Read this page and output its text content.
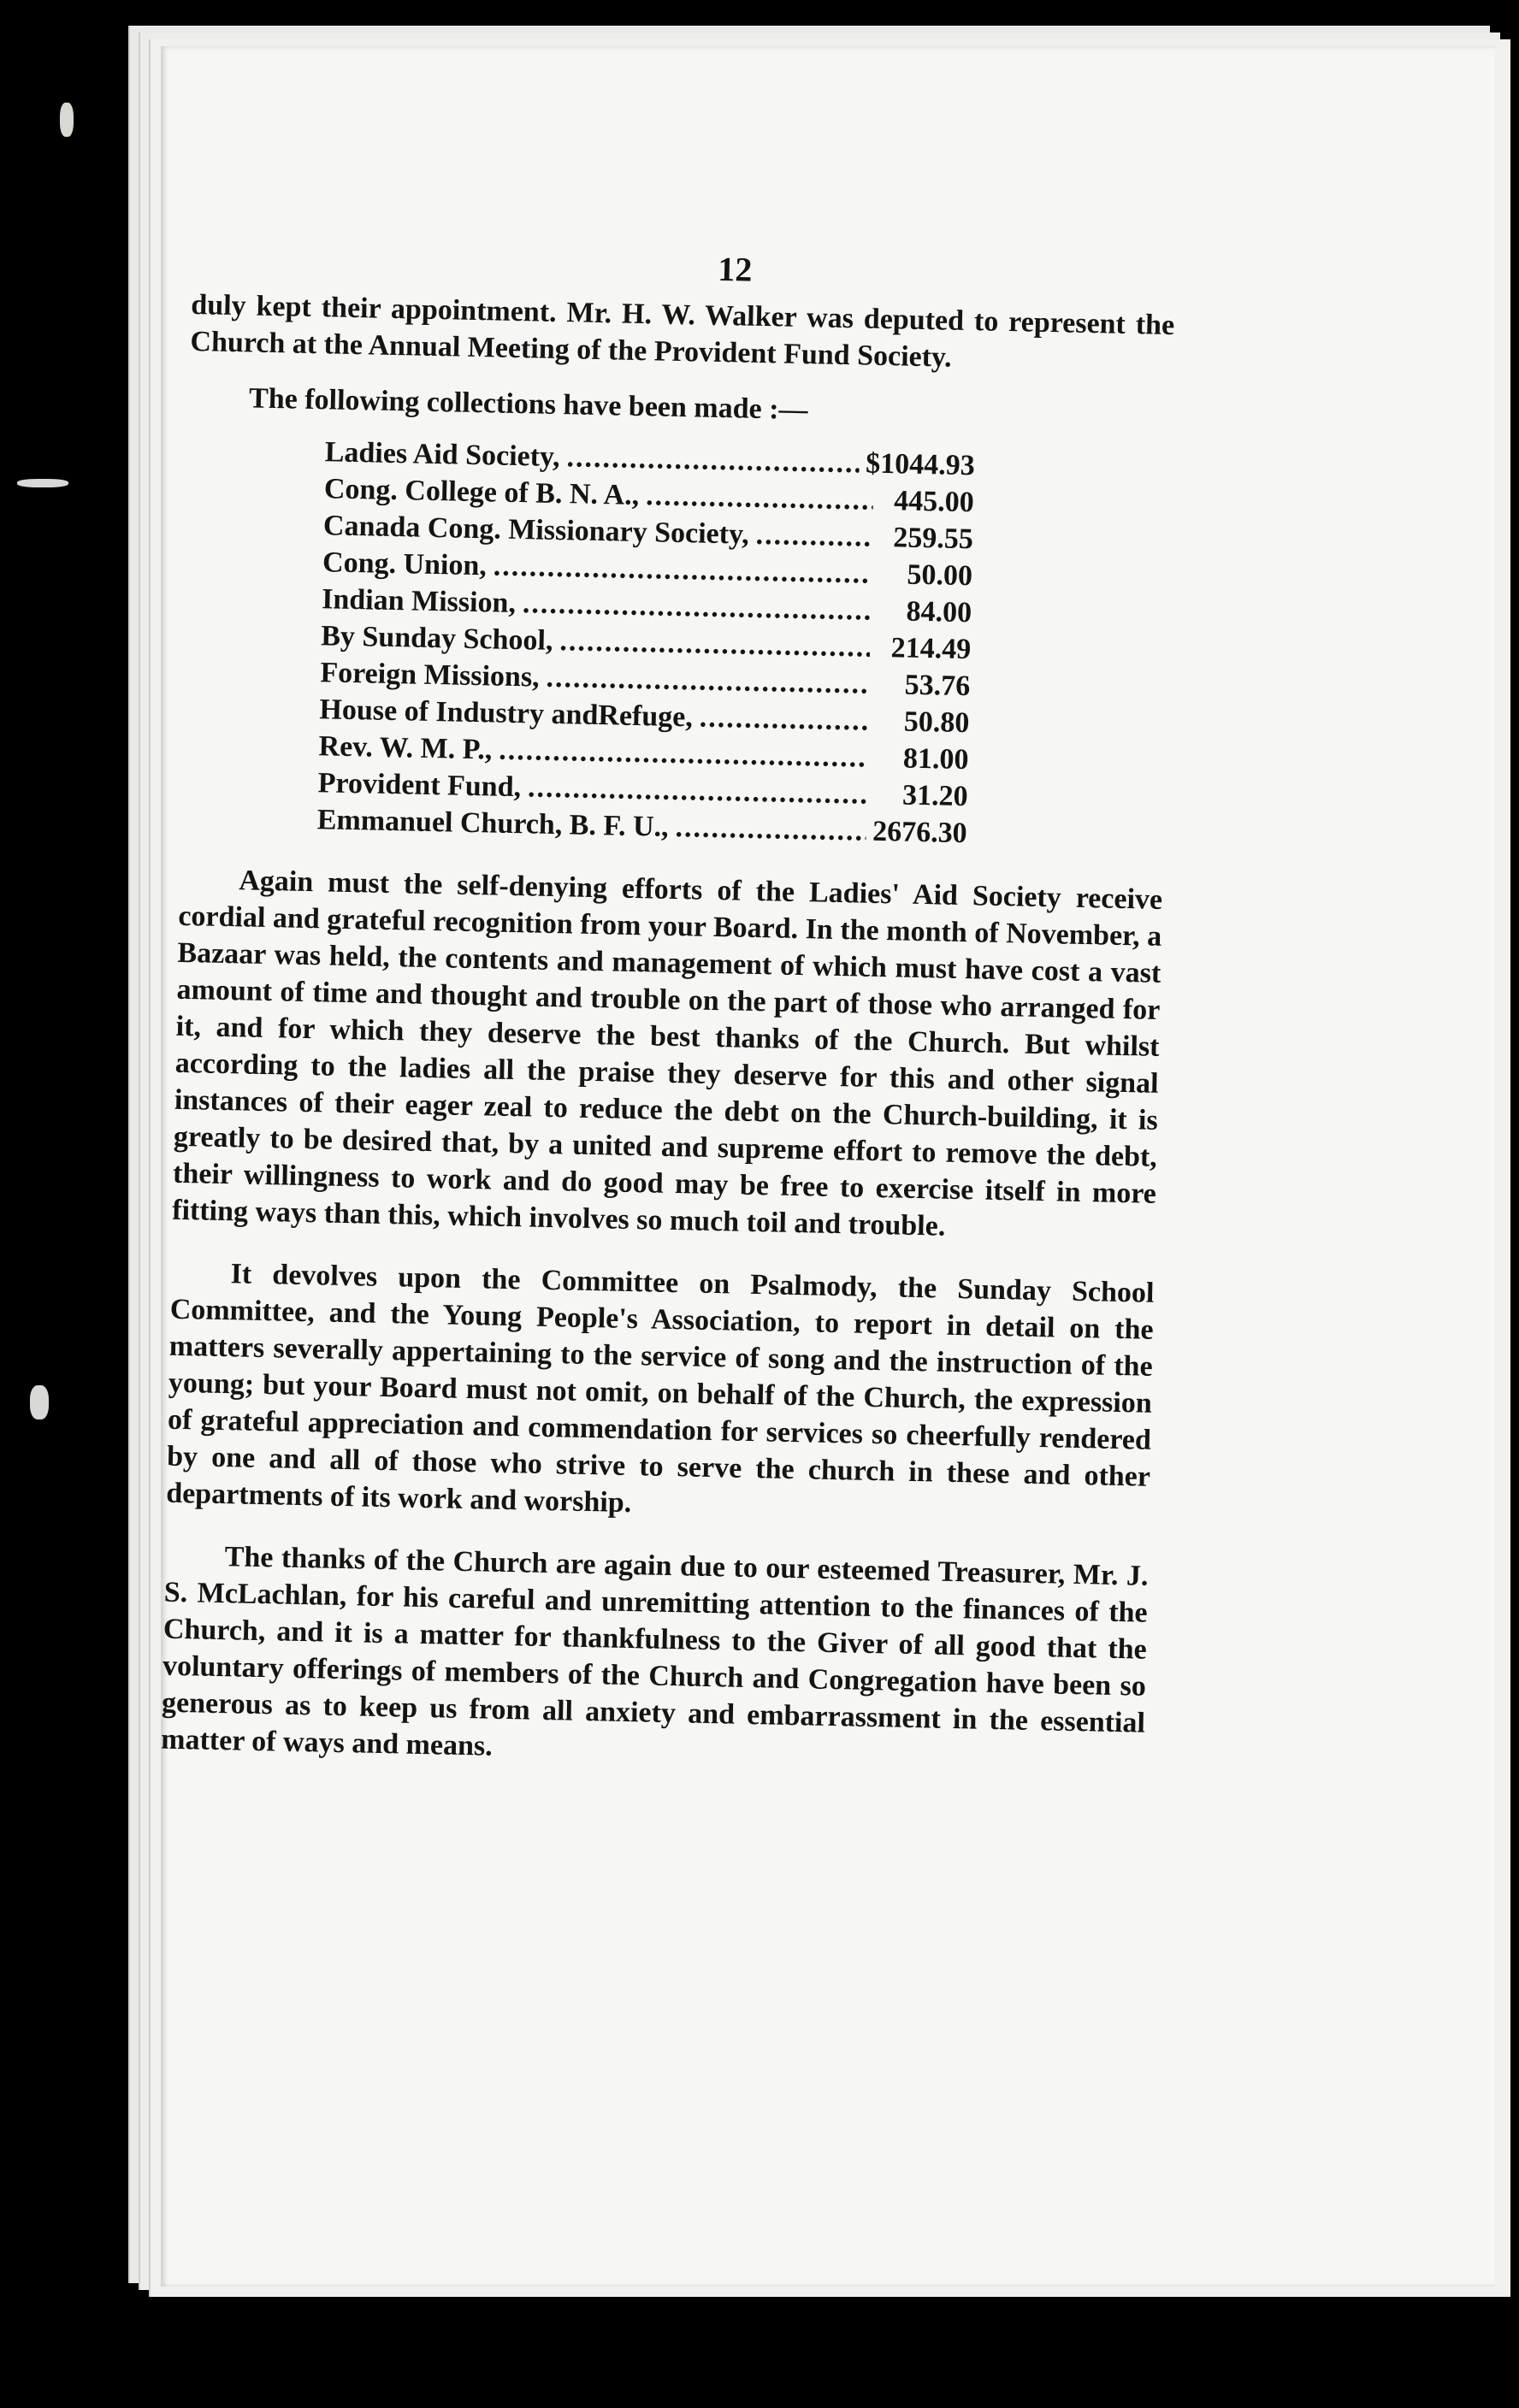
12

duly kept their appointment. Mr. H. W. Walker was deputed to represent the Church at the Annual Meeting of the Provident Fund Society.

The following collections have been made :—

Ladies Aid Society, .....	$1044.93
Cong. College of B. N. A., .....	445.00
Canada Cong. Missionary Society, .....	259.55
Cong. Union, .....	50.00
Indian Mission, .....	84.00
By Sunday School, .....	214.49
Foreign Missions, .....	53.76
House of Industry andRefuge, .....	50.80
Rev. W. M. P., .....	81.00
Provident Fund, .....	31.20
Emmanuel Church, B. F. U., .....	2676.30

Again must the self-denying efforts of the Ladies' Aid Society receive cordial and grateful recognition from your Board. In the month of November, a Bazaar was held, the contents and management of which must have cost a vast amount of time and thought and trouble on the part of those who arranged for it, and for which they deserve the best thanks of the Church. But whilst according to the ladies all the praise they deserve for this and other signal instances of their eager zeal to reduce the debt on the Church-building, it is greatly to be desired that, by a united and supreme effort to remove the debt, their willingness to work and do good may be free to exercise itself in more fitting ways than this, which involves so much toil and trouble.

It devolves upon the Committee on Psalmody, the Sunday School Committee, and the Young People's Association, to report in detail on the matters severally appertaining to the service of song and the instruction of the young; but your Board must not omit, on behalf of the Church, the expression of grateful appreciation and commendation for services so cheerfully rendered by one and all of those who strive to serve the church in these and other departments of its work and worship.

The thanks of the Church are again due to our esteemed Treasurer, Mr. J. S. McLachlan, for his careful and unremitting attention to the finances of the Church, and it is a matter for thankfulness to the Giver of all good that the voluntary offerings of members of the Church and Congregation have been so generous as to keep us from all anxiety and embarrassment in the essential matter of ways and means.
